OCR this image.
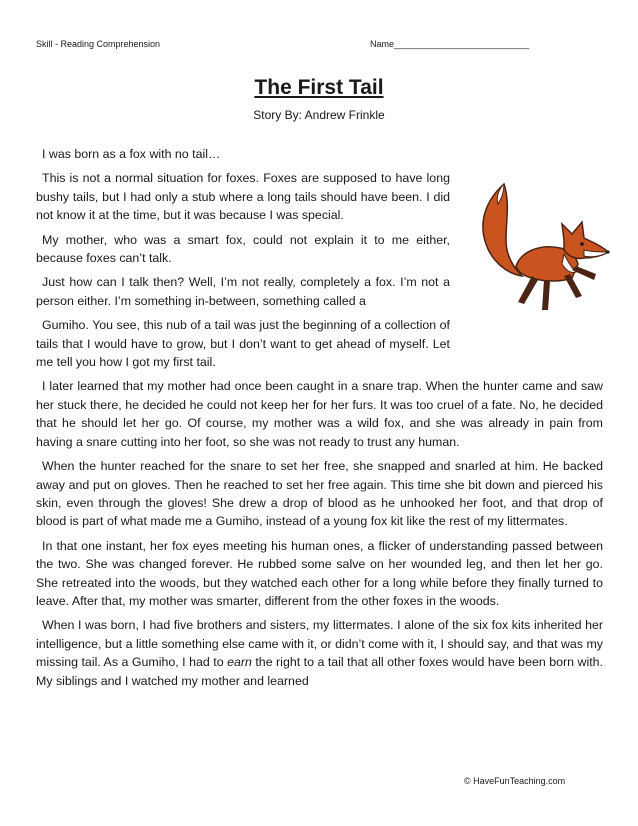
Skill - Reading Comprehension	Name___________________________
The First Tail
Story By: Andrew Frinkle

I was born as a fox with no tail…

This is not a normal situation for foxes. Foxes are supposed to have long bushy tails, but I had only a stub where a long tails should have been. I did not know it at the time, but it was because I was special.

My mother, who was a smart fox, could not explain it to me either, because foxes can’t talk.

Just how can I talk then? Well, I’m not really, completely a fox. I’m not a person either. I’m something in-between, something called a

Gumiho. You see, this nub of a tail was just the beginning of a collection of tails that I would have to grow, but I don’t want to get ahead of myself. Let me tell you how I got my first tail.

I later learned that my mother had once been caught in a snare trap. When the hunter came and saw her stuck there, he decided he could not keep her for her furs. It was too cruel of a fate. No, he decided that he should let her go. Of course, my mother was a wild fox, and she was already in pain from having a snare cutting into her foot, so she was not ready to trust any human.

When the hunter reached for the snare to set her free, she snapped and snarled at him. He backed away and put on gloves. Then he reached to set her free again. This time she bit down and pierced his skin, even through the gloves! She drew a drop of blood as he unhooked her foot, and that drop of blood is part of what made me a Gumiho, instead of a young fox kit like the rest of my littermates.

In that one instant, her fox eyes meeting his human ones, a flicker of understanding passed between the two. She was changed forever. He rubbed some salve on her wounded leg, and then let her go. She retreated into the woods, but they watched each other for a long while before they finally turned to leave. After that, my mother was smarter, different from the other foxes in the woods.

When I was born, I had five brothers and sisters, my littermates. I alone of the six fox kits inherited her intelligence, but a little something else came with it, or didn’t come with it, I should say, and that was my missing tail. As a Gumiho, I had to earn the right to a tail that all other foxes would have been born with. My siblings and I watched my mother and learned

© HaveFunTeaching.com
